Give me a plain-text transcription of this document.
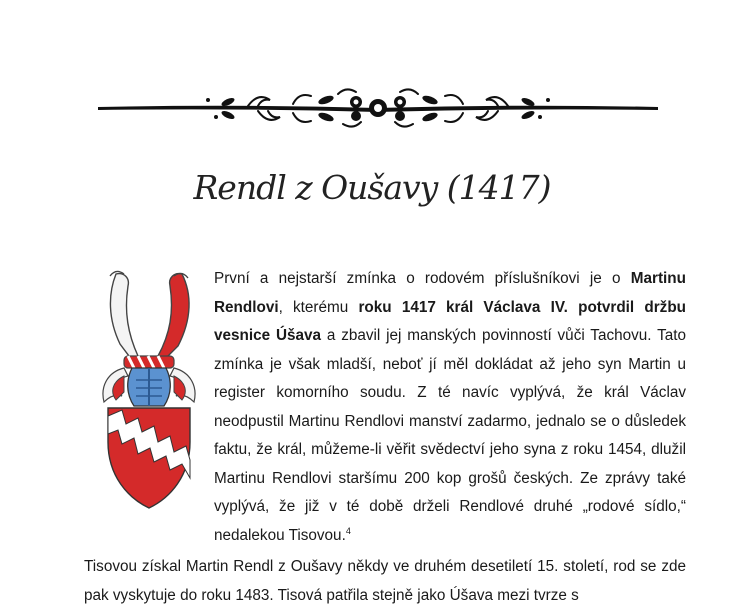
Rendl z Oušavy (1417)

První a nejstarší zmínka o rodovém příslušníkovi je o Martinu Rendlovi, kterému roku 1417 král Václava IV. potvrdil držbu vesnice Úšava a zbavil jej manských povinností vůči Tachovu. Tato zmínka je však mladší, neboť jí měl dokládat až jeho syn Martin u register komorního soudu. Z té navíc vyplývá, že král Václav neodpustil Martinu Rendlovi manství zadarmo, jednalo se o důsledek faktu, že král, můžeme-li věřit svědectví jeho syna z roku 1454, dlužil Martinu Rendlovi staršímu 200 kop grošů českých. Ze zprávy také vyplývá, že již v té době drželi Rendlové druhé „rodové sídlo,“ nedalekou Tisovou.$^4$

Tisovou získal Martin Rendl z Oušavy někdy ve druhém desetiletí 15. století, rod se zde pak vyskytuje do roku 1483. Tisová patřila stejně jako Úšava mezi tvrze s
